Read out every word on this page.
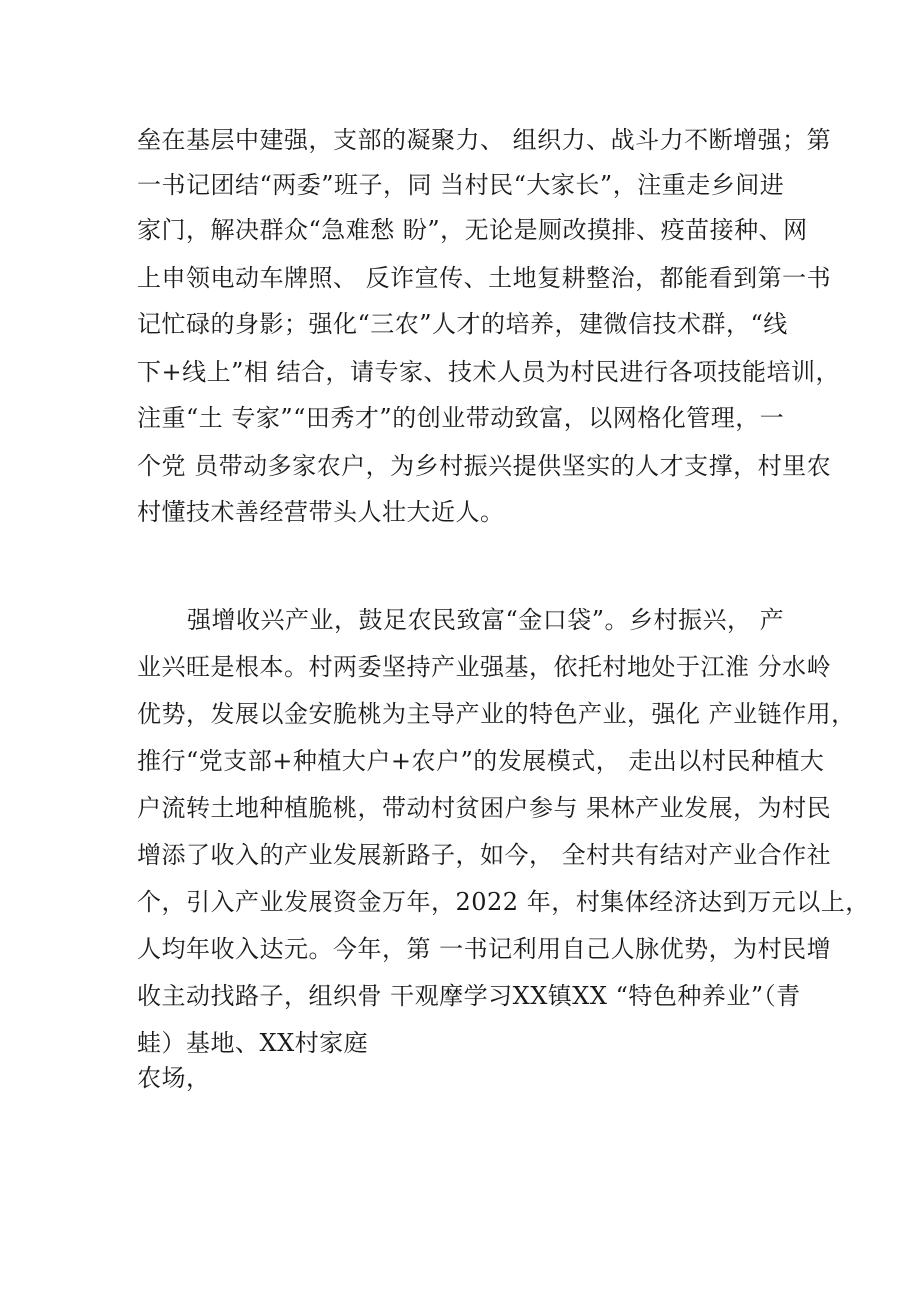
垒在基层中建强，支部的凝聚力、 组织力、战斗力不断增强；第
一书记团结“两委”班子，同 当村民“大家长”，注重走乡间进
家门，解决群众“急难愁 盼”，无论是厕改摸排、疫苗接种、网
上申领电动车牌照、 反诈宣传、土地复耕整治，都能看到第一书
记忙碌的身影；强化“三农”人才的培养，建微信技术群，“线
下+线上”相 结合，请专家、技术人员为村民进行各项技能培训，
注重“土 专家”“田秀才”的创业带动致富，以网格化管理，一
个党 员带动多家农户，为乡村振兴提供坚实的人才支撑，村里农
村懂技术善经营带头人壮大近人。
强增收兴产业，鼓足农民致富“金口袋”。乡村振兴， 产
业兴旺是根本。村两委坚持产业强基，依托村地处于江淮 分水岭
优势，发展以金安脆桃为主导产业的特色产业，强化 产业链作用，
推行“党支部+种植大户+农户”的发展模式， 走出以村民种植大
户流转土地种植脆桃，带动村贫困户参与 果林产业发展，为村民
增添了收入的产业发展新路子，如今， 全村共有结对产业合作社
个，引入产业发展资金万年，2022 年，村集体经济达到万元以上，
人均年收入达元。今年，第 一书记利用自己人脉优势，为村民增
收主动找路子，组织骨 干观摩学习XX镇XX “特色种养业”（青
蛙）基地、XX村家庭
农场，
